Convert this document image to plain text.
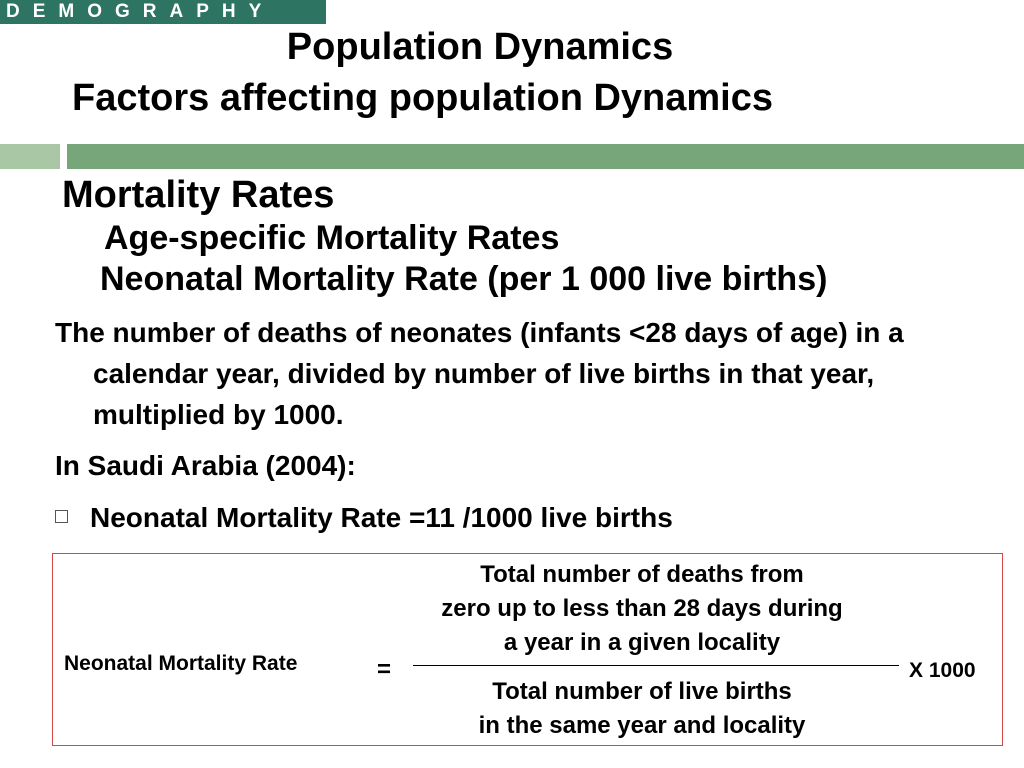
DEMOGRAPHY
Population Dynamics
Factors affecting population Dynamics
Mortality Rates
Age-specific Mortality Rates
Neonatal Mortality Rate (per 1 000 live births)
The number of deaths of neonates (infants <28 days of age) in a calendar year, divided by number of live births in that year, multiplied by 1000.
In Saudi Arabia (2004):
Neonatal Mortality Rate =11 /1000 live births
Neonatal Mortality Rate	=
Total number of deaths from
zero up to less than 28 days during
a year in a given locality
Total number of live births
in the same year and locality
X 1000
